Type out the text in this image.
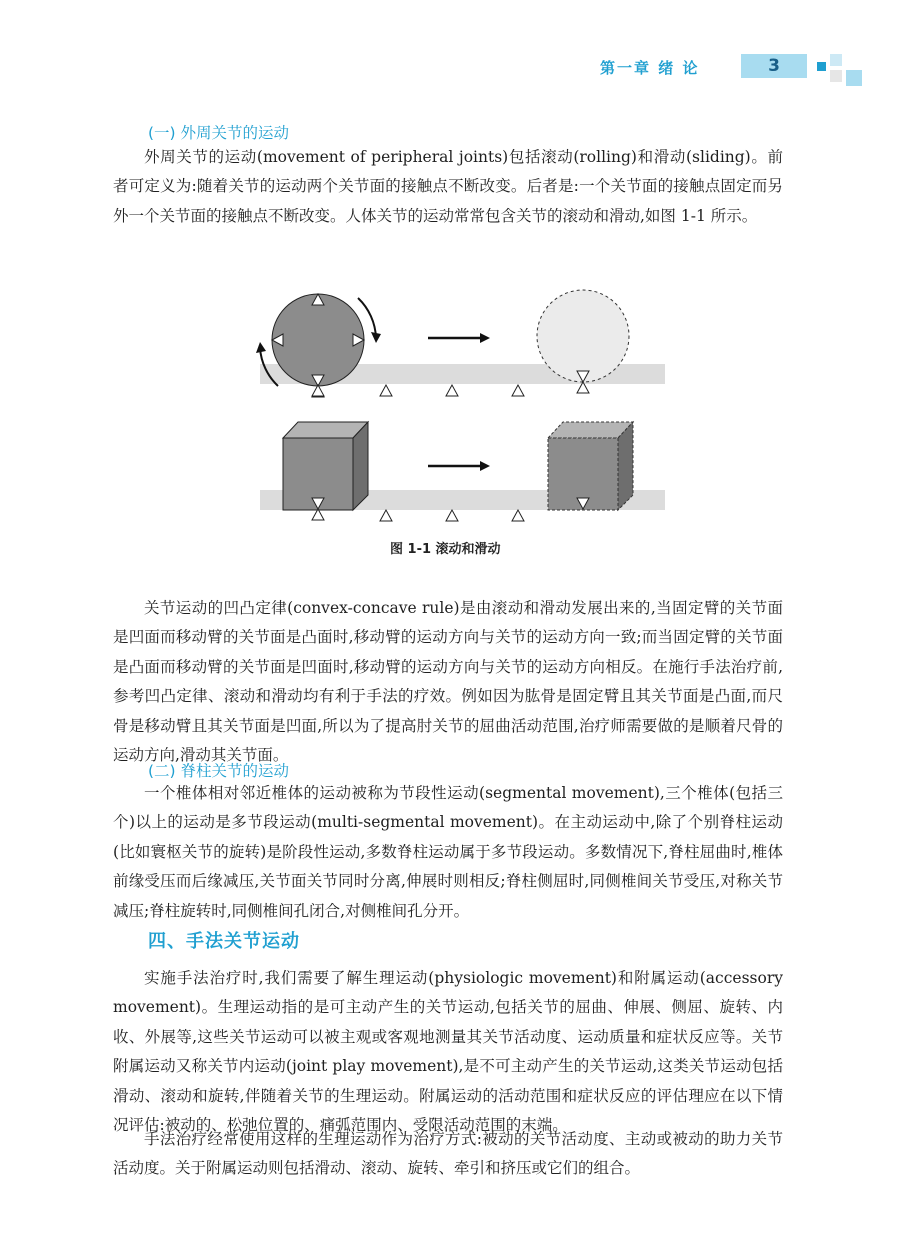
第一章 绪 论	3
(一) 外周关节的运动

外周关节的运动(movement of peripheral joints)包括滚动(rolling)和滑动(sliding)。前者可定义为:随着关节的运动两个关节面的接触点不断改变。后者是:一个关节面的接触点固定而另外一个关节面的接触点不断改变。人体关节的运动常常包含关节的滚动和滑动,如图 1-1 所示。

图 1-1 滚动和滑动

关节运动的凹凸定律(convex-concave rule)是由滚动和滑动发展出来的,当固定臂的关节面是凹面而移动臂的关节面是凸面时,移动臂的运动方向与关节的运动方向一致;而当固定臂的关节面是凸面而移动臂的关节面是凹面时,移动臂的运动方向与关节的运动方向相反。在施行手法治疗前,参考凹凸定律、滚动和滑动均有利于手法的疗效。例如因为肱骨是固定臂且其关节面是凸面,而尺骨是移动臂且其关节面是凹面,所以为了提高肘关节的屈曲活动范围,治疗师需要做的是顺着尺骨的运动方向,滑动其关节面。

(二) 脊柱关节的运动

一个椎体相对邻近椎体的运动被称为节段性运动(segmental movement),三个椎体(包括三个)以上的运动是多节段运动(multi-segmental movement)。在主动运动中,除了个别脊柱运动(比如寰枢关节的旋转)是阶段性运动,多数脊柱运动属于多节段运动。多数情况下,脊柱屈曲时,椎体前缘受压而后缘减压,关节面关节同时分离,伸展时则相反;脊柱侧屈时,同侧椎间关节受压,对称关节减压;脊柱旋转时,同侧椎间孔闭合,对侧椎间孔分开。

四、手法关节运动

实施手法治疗时,我们需要了解生理运动(physiologic movement)和附属运动(accessory movement)。生理运动指的是可主动产生的关节运动,包括关节的屈曲、伸展、侧屈、旋转、内收、外展等,这些关节运动可以被主观或客观地测量其关节活动度、运动质量和症状反应等。关节附属运动又称关节内运动(joint play movement),是不可主动产生的关节运动,这类关节运动包括滑动、滚动和旋转,伴随着关节的生理运动。附属运动的活动范围和症状反应的评估理应在以下情况评估:被动的、松弛位置的、痛弧范围内、受限活动范围的末端。

手法治疗经常使用这样的生理运动作为治疗方式:被动的关节活动度、主动或被动的助力关节活动度。关于附属运动则包括滑动、滚动、旋转、牵引和挤压或它们的组合。
